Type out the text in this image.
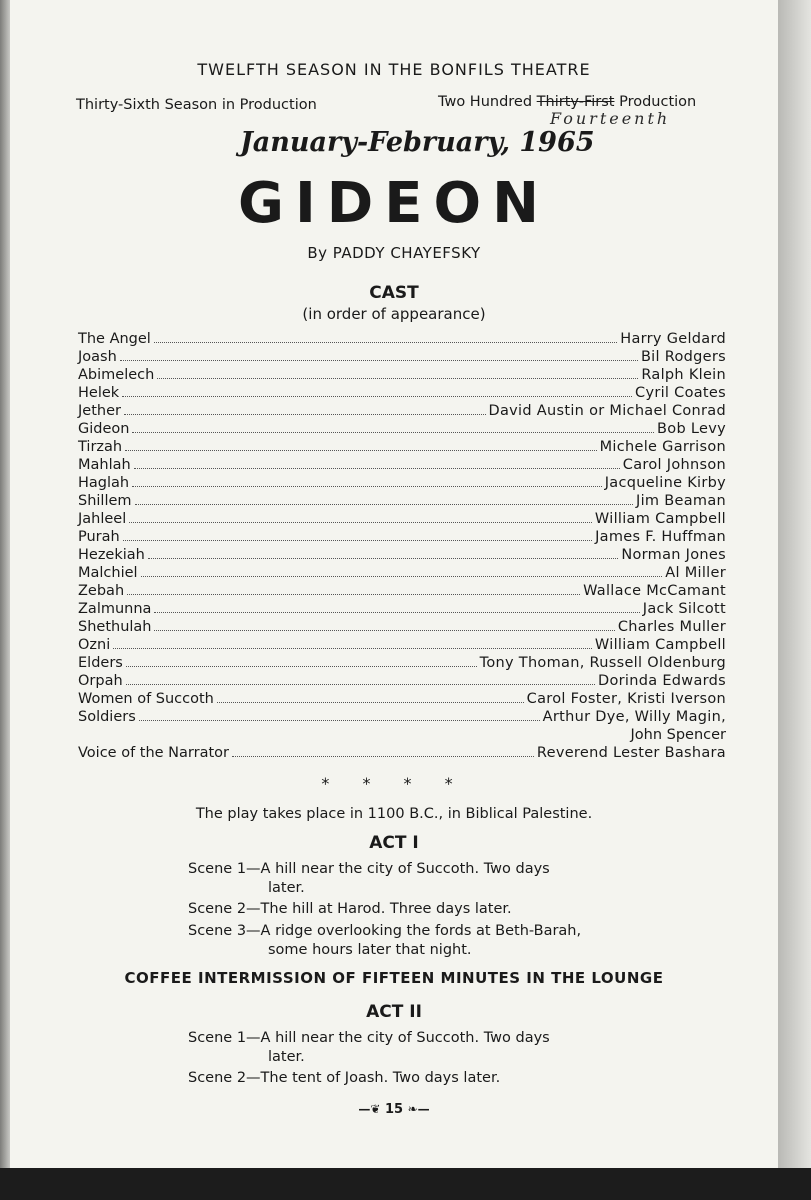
TWELFTH SEASON IN THE BONFILS THEATRE
Thirty-Sixth Season in Production	Two Hundred Thirty-First Production
Fourteenth
January-February, 1965
GIDEON
By PADDY CHAYEFSKY
CAST
(in order of appearance)
The Angel	Harry Geldard
Joash	Bil Rodgers
Abimelech	Ralph Klein
Helek	Cyril Coates
Jether	David Austin or Michael Conrad
Gideon	Bob Levy
Tirzah	Michele Garrison
Mahlah	Carol Johnson
Haglah	Jacqueline Kirby
Shillem	Jim Beaman
Jahleel	William Campbell
Purah	James F. Huffman
Hezekiah	Norman Jones
Malchiel	Al Miller
Zebah	Wallace McCamant
Zalmunna	Jack Silcott
Shethulah	Charles Muller
Ozni	William Campbell
Elders	Tony Thoman, Russell Oldenburg
Orpah	Dorinda Edwards
Women of Succoth	Carol Foster, Kristi Iverson
Soldiers	Arthur Dye, Willy Magin,
John Spencer
Voice of the Narrator	Reverend Lester Bashara
* * * *
The play takes place in 1100 B.C., in Biblical Palestine.
ACT I
Scene 1—A hill near the city of Succoth. Two days
later.
Scene 2—The hill at Harod. Three days later.
Scene 3—A ridge overlooking the fords at Beth-Barah,
some hours later that night.
COFFEE INTERMISSION OF FIFTEEN MINUTES IN THE LOUNGE
ACT II
Scene 1—A hill near the city of Succoth. Two days
later.
Scene 2—The tent of Joash. Two days later.
—❦ 15 ❧—
